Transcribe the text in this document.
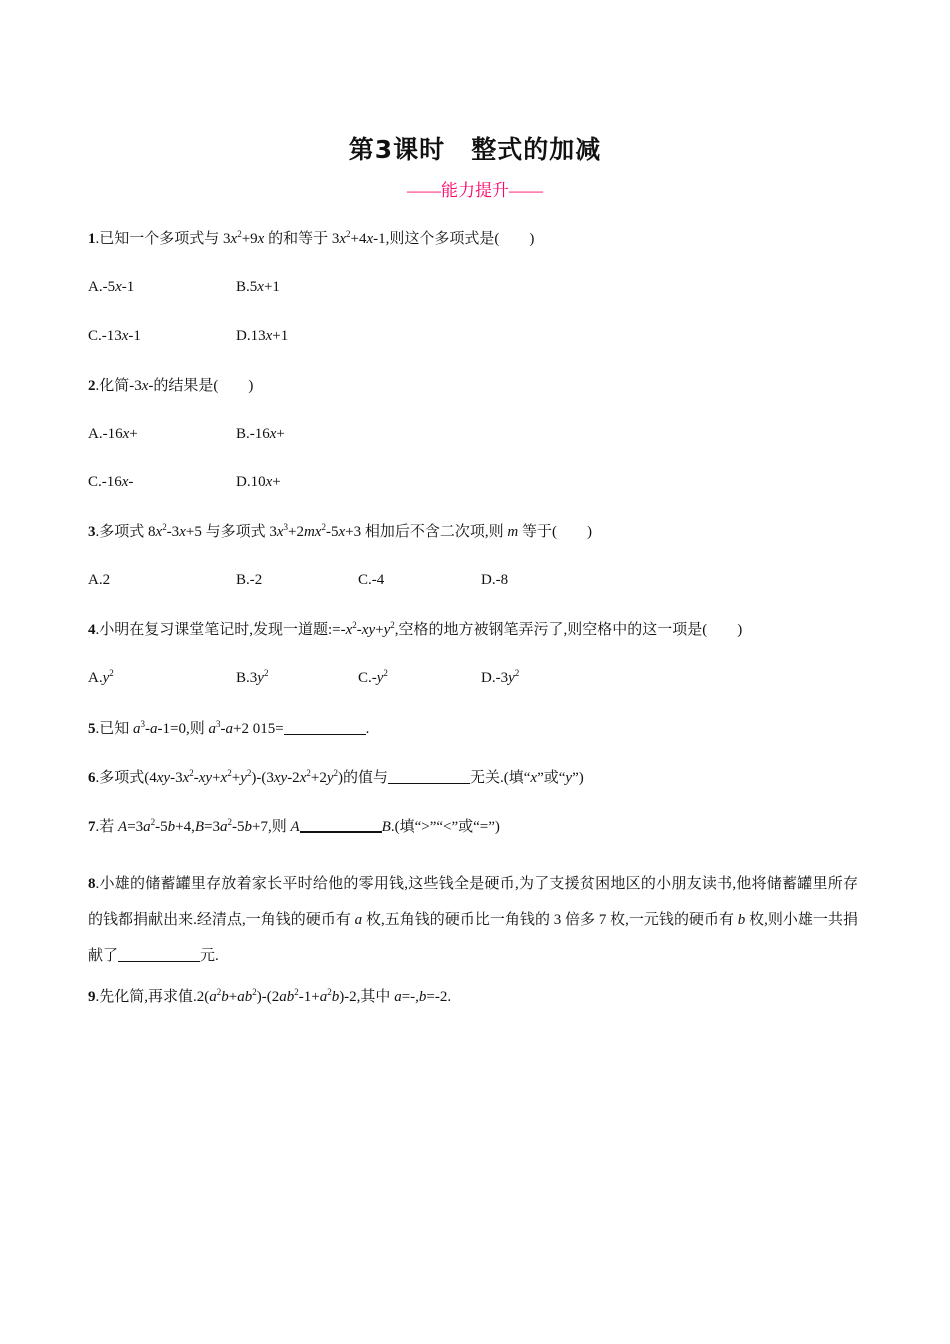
第3课时 整式的加减
——能力提升——
1.已知一个多项式与 $3x^2+9x$ 的和等于 $3x^2+4x-1$,则这个多项式是( )
A.-5x-1	B.5x+1
C.-13x-1	D.13x+1
2.化简-3x-的结果是( )
A.-16x+	B.-16x+
C.-16x-	D.10x+
3.多项式 $8x^2-3x+5$ 与多项式 $3x^3+2mx^2-5x+3$ 相加后不含二次项,则 m 等于( )
A.2	B.-2	C.-4	D.-8
4.小明在复习课堂笔记时,发现一道题$:=-x^2-xy+y^2$,空格的地方被钢笔弄污了,则空格中的这一项是( )
$A.y^2$	$B.3y^2$	$C.-y^2$	$D.-3y^2$
5.已知 $a^3-a-1=0$,则 $a^3-a+2$ 015=	.
6.多项式$(4xy-3x^2-xy+x^2+y^2)-(3xy-2x^2+2y^2)$的值与	无关.(填“x”或“y”)
7.若 $A=3a^2-5b+4,B=3a^2-5b+7$,则 A	B.(填“>”“<”或“=”)
8.小雄的储蓄罐里存放着家长平时给他的零用钱,这些钱全是硬币,为了支援贫困地区的小朋友读书,他将储蓄罐里所存的钱都捐献出来.经清点,一角钱的硬币有 a 枚,五角钱的硬币比一角钱的 3 倍多 7 枚,一元钱的硬币有 b 枚,则小雄一共捐献了	元.
9.先化简,再求值$.2(a^2b+ab^2)-(2ab^2-1+a^2b)-2$,其中 a=-,b=-2.
